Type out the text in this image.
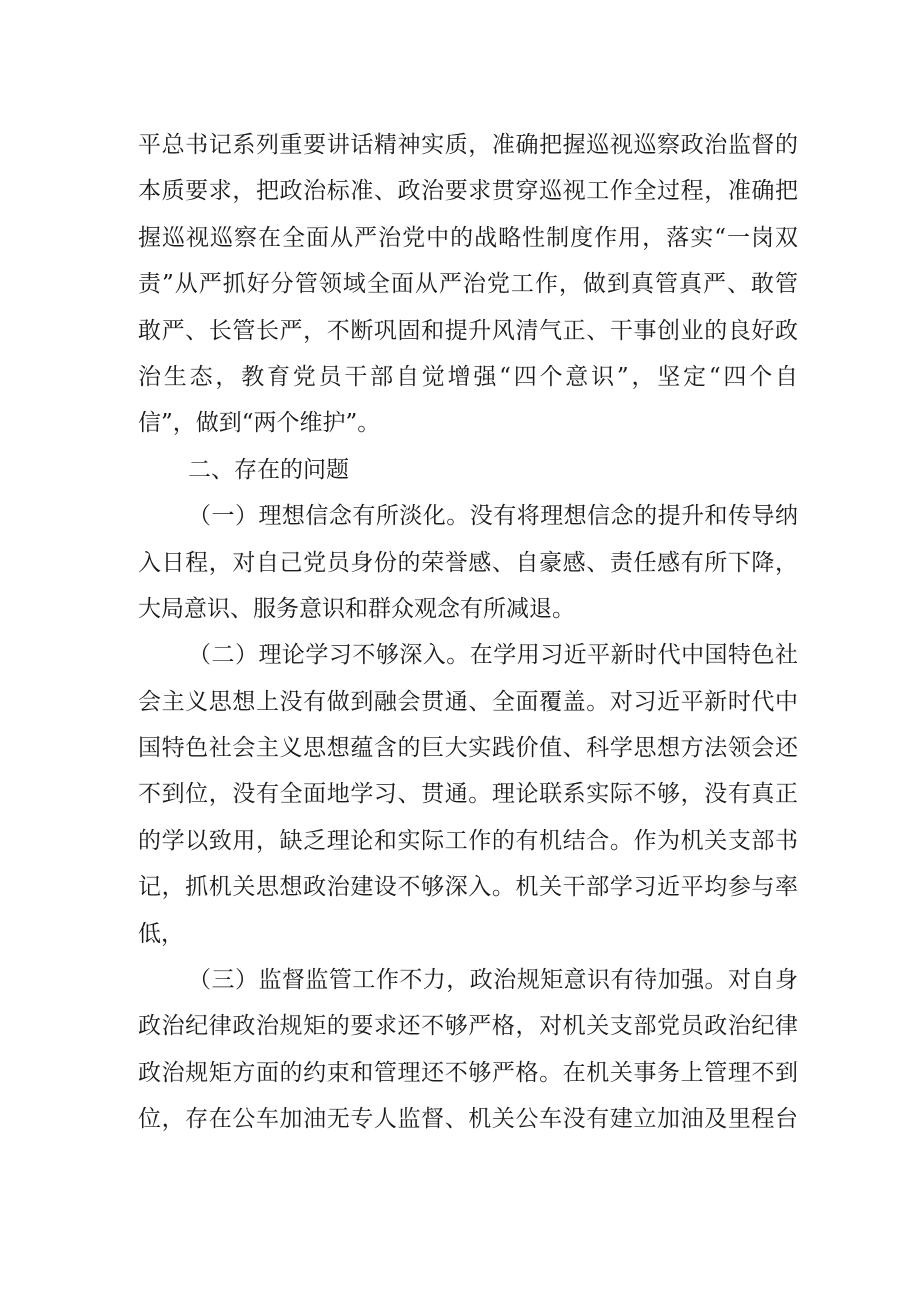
平总书记系列重要讲话精神实质，准确把握巡视巡察政治监督的
本质要求，把政治标准、政治要求贯穿巡视工作全过程，准确把
握巡视巡察在全面从严治党中的战略性制度作用，落实“一岗双
责”从严抓好分管领域全面从严治党工作，做到真管真严、敢管
敢严、长管长严，不断巩固和提升风清气正、干事创业的良好政
治生态，教育党员干部自觉增强“四个意识”，坚定“四个自
信”，做到“两个维护”。
二、存在的问题
（一）理想信念有所淡化。没有将理想信念的提升和传导纳
入日程，对自己党员身份的荣誉感、自豪感、责任感有所下降，
大局意识、服务意识和群众观念有所减退。
（二）理论学习不够深入。在学用习近平新时代中国特色社
会主义思想上没有做到融会贯通、全面覆盖。对习近平新时代中
国特色社会主义思想蕴含的巨大实践价值、科学思想方法领会还
不到位，没有全面地学习、贯通。理论联系实际不够，没有真正
的学以致用，缺乏理论和实际工作的有机结合。作为机关支部书
记，抓机关思想政治建设不够深入。机关干部学习近平均参与率
低，
（三）监督监管工作不力，政治规矩意识有待加强。对自身
政治纪律政治规矩的要求还不够严格，对机关支部党员政治纪律
政治规矩方面的约束和管理还不够严格。在机关事务上管理不到
位，存在公车加油无专人监督、机关公车没有建立加油及里程台
